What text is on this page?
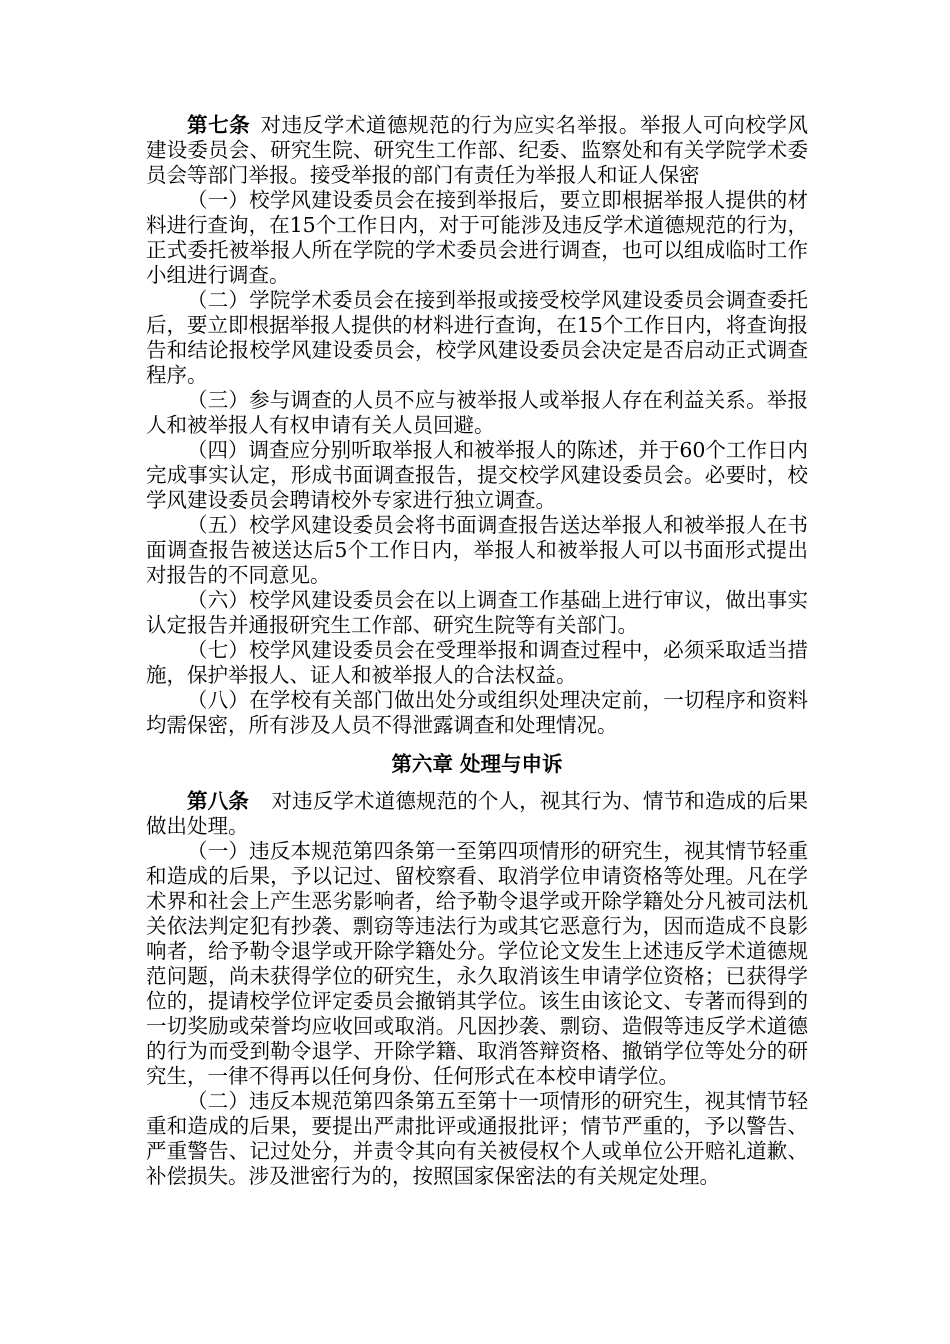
第七条 对违反学术道德规范的行为应实名举报。举报人可向校学风建设委员会、研究生院、研究生工作部、纪委、监察处和有关学院学术委员会等部门举报。接受举报的部门有责任为举报人和证人保密

（一）校学风建设委员会在接到举报后，要立即根据举报人提供的材料进行查询，在15个工作日内，对于可能涉及违反学术道德规范的行为，正式委托被举报人所在学院的学术委员会进行调查，也可以组成临时工作小组进行调查。

（二）学院学术委员会在接到举报或接受校学风建设委员会调查委托后，要立即根据举报人提供的材料进行查询，在15个工作日内，将查询报告和结论报校学风建设委员会，校学风建设委员会决定是否启动正式调查程序。

（三）参与调查的人员不应与被举报人或举报人存在利益关系。举报人和被举报人有权申请有关人员回避。

（四）调查应分别听取举报人和被举报人的陈述，并于60个工作日内完成事实认定，形成书面调查报告，提交校学风建设委员会。必要时，校学风建设委员会聘请校外专家进行独立调查。

（五）校学风建设委员会将书面调查报告送达举报人和被举报人在书面调查报告被送达后5个工作日内，举报人和被举报人可以书面形式提出对报告的不同意见。

（六）校学风建设委员会在以上调查工作基础上进行审议，做出事实认定报告并通报研究生工作部、研究生院等有关部门。

（七）校学风建设委员会在受理举报和调查过程中，必须采取适当措施，保护举报人、证人和被举报人的合法权益。

（八）在学校有关部门做出处分或组织处理决定前，一切程序和资料均需保密，所有涉及人员不得泄露调查和处理情况。

第六章 处理与申诉

第八条 对违反学术道德规范的个人，视其行为、情节和造成的后果做出处理。

（一）违反本规范第四条第一至第四项情形的研究生，视其情节轻重和造成的后果，予以记过、留校察看、取消学位申请资格等处理。凡在学术界和社会上产生恶劣影响者，给予勒令退学或开除学籍处分凡被司法机关依法判定犯有抄袭、剽窃等违法行为或其它恶意行为，因而造成不良影响者，给予勒令退学或开除学籍处分。学位论文发生上述违反学术道德规范问题，尚未获得学位的研究生，永久取消该生申请学位资格；已获得学位的，提请校学位评定委员会撤销其学位。该生由该论文、专著而得到的一切奖励或荣誉均应收回或取消。凡因抄袭、剽窃、造假等违反学术道德的行为而受到勒令退学、开除学籍、取消答辩资格、撤销学位等处分的研究生，一律不得再以任何身份、任何形式在本校申请学位。

（二）违反本规范第四条第五至第十一项情形的研究生，视其情节轻重和造成的后果，要提出严肃批评或通报批评；情节严重的，予以警告、严重警告、记过处分，并责令其向有关被侵权个人或单位公开赔礼道歉、补偿损失。涉及泄密行为的，按照国家保密法的有关规定处理。
